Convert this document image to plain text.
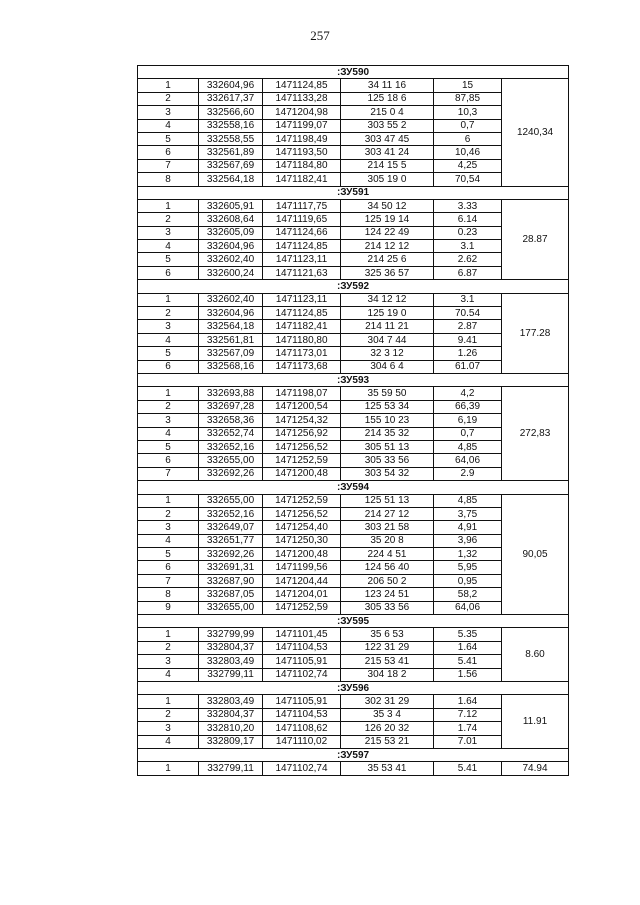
257
:ЗУ590					
1	332604,96	1471124,85	34 11 16	15	1240,34
2	332617,37	1471133,28	125 18 6	87,85	
3	332566,60	1471204,98	215 0 4	10,3	
4	332558,16	1471199,07	303 55 2	0,7	
5	332558,55	1471198,49	303 47 45	6	
6	332561,89	1471193,50	303 41 24	10,46	
7	332567,69	1471184,80	214 15 5	4,25	
8	332564,18	1471182,41	305 19 0	70,54	
:ЗУ591					
1	332605,91	1471117,75	34 50 12	3.33	28.87
2	332608,64	1471119,65	125 19 14	6.14	
3	332605,09	1471124,66	124 22 49	0.23	
4	332604,96	1471124,85	214 12 12	3.1	
5	332602,40	1471123,11	214 25 6	2.62	
6	332600,24	1471121,63	325 36 57	6.87	
:ЗУ592					
1	332602,40	1471123,11	34 12 12	3.1	177.28
2	332604,96	1471124,85	125 19 0	70.54	
3	332564,18	1471182,41	214 11 21	2.87	
4	332561,81	1471180,80	304 7 44	9.41	
5	332567,09	1471173,01	32 3 12	1.26	
6	332568,16	1471173,68	304 6 4	61.07	
:ЗУ593					
1	332693,88	1471198,07	35 59 50	4,2	272,83
2	332697,28	1471200,54	125 53 34	66,39	
3	332658,36	1471254,32	155 10 23	6,19	
4	332652,74	1471256,92	214 35 32	0,7	
5	332652,16	1471256,52	305 51 13	4,85	
6	332655,00	1471252,59	305 33 56	64,06	
7	332692,26	1471200,48	303 54 32	2.9	
:ЗУ594					
1	332655,00	1471252,59	125 51 13	4,85	90,05
2	332652,16	1471256,52	214 27 12	3,75	
3	332649,07	1471254,40	303 21 58	4,91	
4	332651,77	1471250,30	35 20 8	3,96	
5	332692,26	1471200,48	224 4 51	1,32	
6	332691,31	1471199,56	124 56 40	5,95	
7	332687,90	1471204,44	206 50 2	0,95	
8	332687,05	1471204,01	123 24 51	58,2	
9	332655,00	1471252,59	305 33 56	64,06	
:ЗУ595					
1	332799,99	1471101,45	35 6 53	5.35	8.60
2	332804,37	1471104,53	122 31 29	1.64	
3	332803,49	1471105,91	215 53 41	5.41	
4	332799,11	1471102,74	304 18 2	1.56	
:ЗУ596					
1	332803,49	1471105,91	302 31 29	1.64	11.91
2	332804,37	1471104,53	35 3 4	7.12	
3	332810,20	1471108,62	126 20 32	1.74	
4	332809,17	1471110,02	215 53 21	7.01	
:ЗУ597					
1	332799,11	1471102,74	35 53 41	5.41	74.94
